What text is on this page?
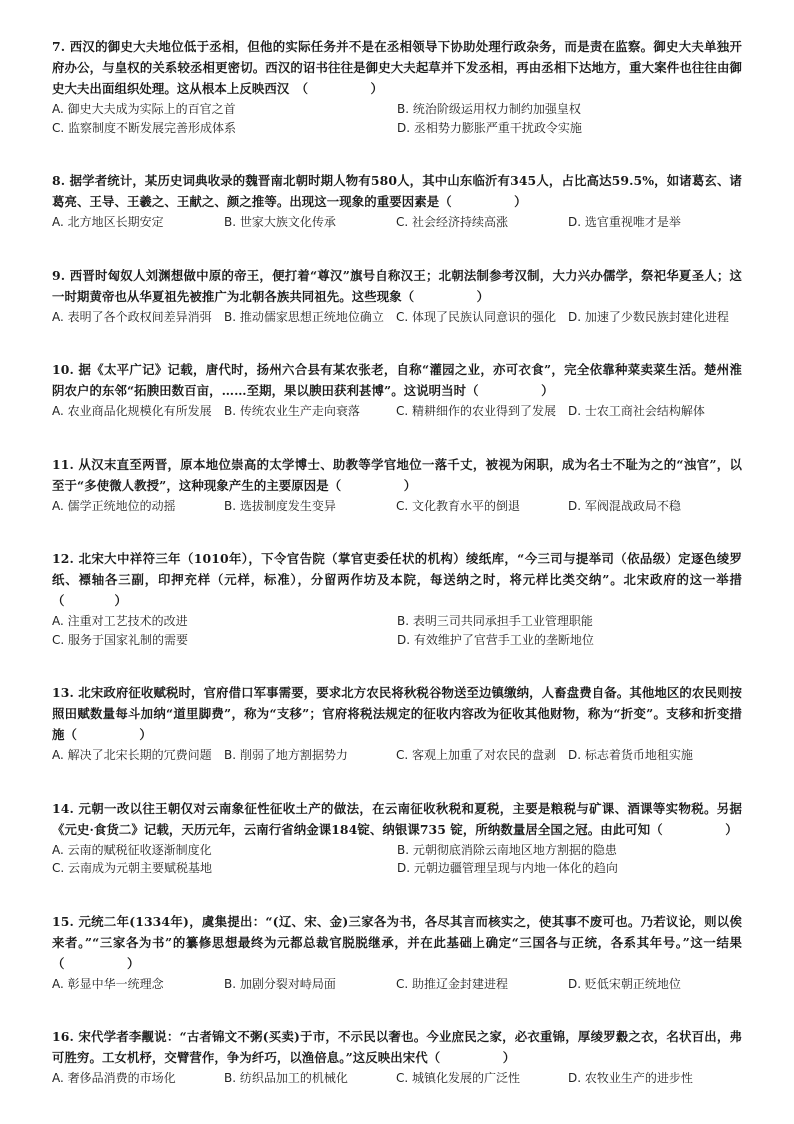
7. 西汉的御史大夫地位低于丞相，但他的实际任务并不是在丞相领导下协助处理行政杂务，而是责在监察。御史大夫单独开府办公，与皇权的关系较丞相更密切。西汉的诏书往往是御史大夫起草并下发丞相，再由丞相下达地方，重大案件也往往由御史大夫出面组织处理。这从根本上反映西汉　（　　　　　）

A. 御史大夫成为实际上的百官之首	B. 统治阶级运用权力制约加强皇权
C. 监察制度不断发展完善形成体系	D. 丞相势力膨胀严重干扰政令实施

8. 据学者统计，某历史词典收录的魏晋南北朝时期人物有580人，其中山东临沂有345人，占比高达59.5%，如诸葛玄、诸葛亮、王导、王羲之、王献之、颜之推等。出现这一现象的重要因素是（　　　　　）

A. 北方地区长期安定	B. 世家大族文化传承	C. 社会经济持续高涨	D. 选官重视唯才是举

9. 西晋时匈奴人刘渊想做中原的帝王，便打着“尊汉”旗号自称汉王；北朝法制参考汉制，大力兴办儒学，祭祀华夏圣人；这一时期黄帝也从华夏祖先被推广为北朝各族共同祖先。这些现象（　　　　　）

A. 表明了各个政权间差异消弭	B. 推动儒家思想正统地位确立	C. 体现了民族认同意识的强化 D. 加速了少数民族封建化进程

10. 据《太平广记》记载，唐代时，扬州六合县有某农张老，自称“灌园之业，亦可衣食”，完全依靠种菜卖菜生活。楚州淮阴农户的东邻“拓腴田数百亩，……至期，果以腴田获利甚博”。这说明当时（　　　　　）

A. 农业商品化规模化有所发展	B. 传统农业生产走向衰落	C. 精耕细作的农业得到了发展 D. 士农工商社会结构解体

11. 从汉末直至两晋，原本地位崇高的太学博士、助教等学官地位一落千丈，被视为闲职，成为名士不耻为之的“浊官”，以至于“多使微人教授”，这种现象产生的主要原因是（　　　　　）

A. 儒学正统地位的动摇	B. 选拔制度发生变异	C. 文化教育水平的倒退	D. 军阀混战政局不稳

12. 北宋大中祥符三年（1010年），下令官告院（掌官吏委任状的机构）绫纸库，“今三司与提举司（依品级）定逐色绫罗纸、褾轴各三副，印押充样（元样，标准），分留两作坊及本院，每送纳之时，将元样比类交纳”。北宋政府的这一举措（　　　　）

A. 注重对工艺技术的改进	B. 表明三司共同承担手工业管理职能
C. 服务于国家礼制的需要	D. 有效维护了官营手工业的垄断地位

13. 北宋政府征收赋税时，官府借口军事需要，要求北方农民将秋税谷物送至边镇缴纳，人畜盘费自备。其他地区的农民则按照田赋数量每斗加纳“道里脚费”，称为“支移”；官府将税法规定的征收内容改为征收其他财物，称为“折变”。支移和折变措施（　　　　　）

A. 解决了北宋长期的冗费问题	B. 削弱了地方割据势力	C. 客观上加重了对农民的盘剥 D. 标志着货币地租实施

14. 元朝一改以往王朝仅对云南象征性征收土产的做法，在云南征收秋税和夏税，主要是粮税与矿课、酒课等实物税。另据《元史·食货二》记载，天历元年，云南行省纳金课184锭、纳银课735 锭，所纳数量居全国之冠。由此可知（　　　　　）

A. 云南的赋税征收逐渐制度化	B. 元朝彻底消除云南地区地方割据的隐患
C. 云南成为元朝主要赋税基地	D. 元朝边疆管理呈现与内地一体化的趋向

15. 元统二年(1334年)，虞集提出：“(辽、宋、金)三家各为书，各尽其言而核实之，使其事不废可也。乃若议论，则以俟来者。”“三家各为书”的纂修思想最终为元都总裁官脱脱继承，并在此基础上确定“三国各与正统，各系其年号。”这一结果（　　　　　）

A. 彰显中华一统理念	B. 加剧分裂对峙局面	C. 助推辽金封建进程	D. 贬低宋朝正统地位

16. 宋代学者李觏说：“古者锦文不粥(买卖)于市，不示民以奢也。今业庶民之家，必衣重锦，厚绫罗縠之衣，名状百出，弗可胜穷。工女机杼，交臂营作，争为纤巧，以渔倍息。”这反映出宋代（　　　　　）

A. 奢侈品消费的市场化	B. 纺织品加工的机械化	C. 城镇化发展的广泛性	D. 农牧业生产的进步性
